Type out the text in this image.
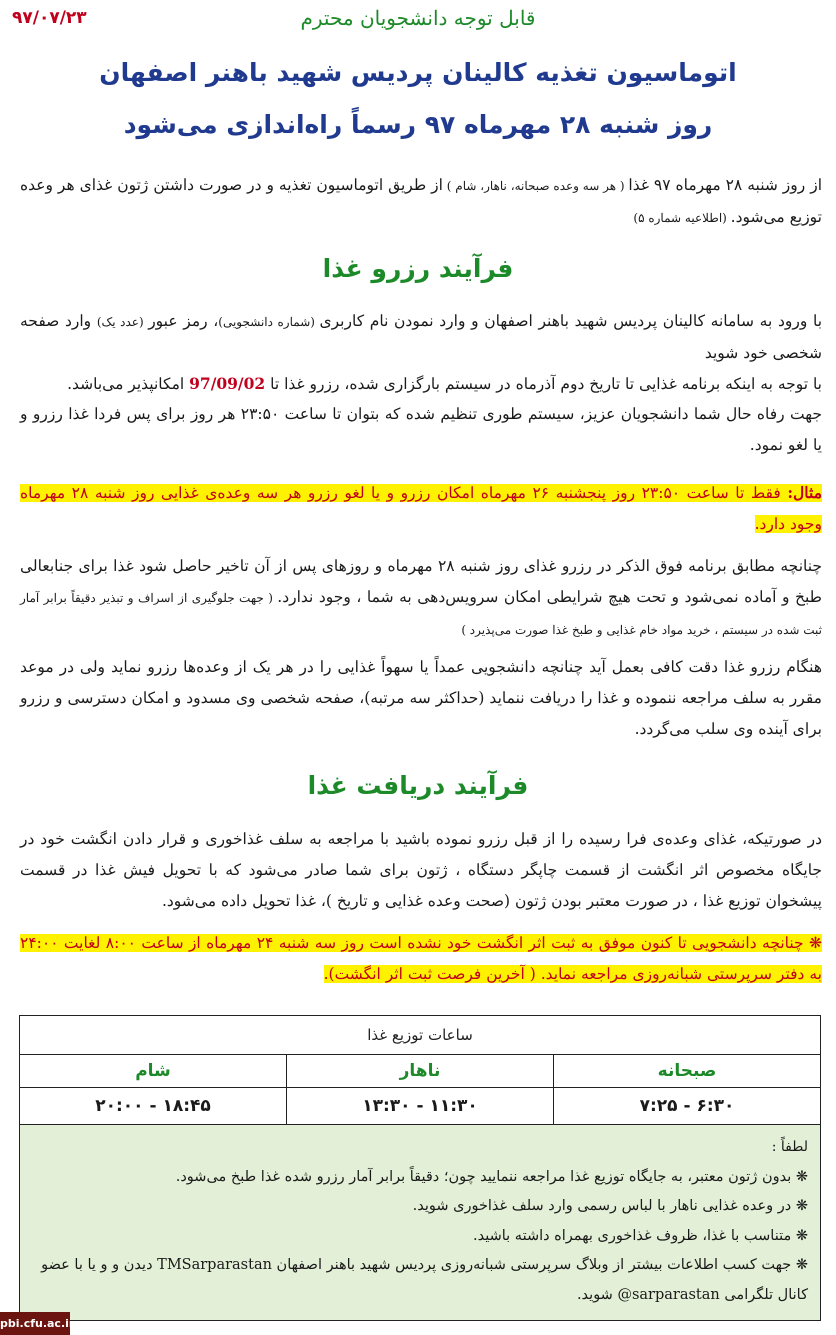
۹۷/۰۷/۲۳	قابل توجه دانشجویان محترم
اتوماسیون تغذیه کالینان پردیس شهید باهنر اصفهان
روز شنبه ۲۸ مهرماه ۹۷ رسماً راه‌اندازی می‌شود
از روز شنبه ۲۸ مهرماه ۹۷ غذا ( هر سه وعده صبحانه، ناهار، شام ) از طریق اتوماسیون تغذیه و در صورت داشتن ژتون غذای هر وعده توزیع می‌شود. (اطلاعیه شماره ۵)
فرآیند رزرو غذا
با ورود به سامانه کالینان پردیس شهید باهنر اصفهان و وارد نمودن نام کاربری (شماره دانشجویی)، رمز عبور (عدد یک) وارد صفحه شخصی خود شوید
با توجه به اینکه برنامه غذایی تا تاریخ دوم آذرماه در سیستم بارگزاری شده، رزرو غذا تا 97/09/02 امکانپذیر می‌باشد.
جهت رفاه حال شما دانشجویان عزیز، سیستم طوری تنظیم شده که بتوان تا ساعت ۲۳:۵۰ هر روز برای پس فردا غذا رزرو و یا لغو نمود.
مثال: فقط تا ساعت ۲۳:۵۰ روز پنجشنبه ۲۶ مهرماه امکان رزرو و یا لغو رزرو هر سه وعده‌ی غذایی روز شنبه ۲۸ مهرماه وجود دارد.
چنانچه مطابق برنامه فوق الذکر در رزرو غذای روز شنبه ۲۸ مهرماه و روزهای پس از آن تاخیر حاصل شود غذا برای جنابعالی طبخ و آماده نمی‌شود و تحت هیچ شرایطی امکان سرویس‌دهی به شما ، وجود ندارد. ( جهت جلوگیری از اسراف و تبذیر دقیقاً برابر آمار ثبت شده در سیستم ، خرید مواد خام غذایی و طبخ غذا صورت می‌پذیرد )
هنگام رزرو غذا دقت کافی بعمل آید چنانچه دانشجویی عمداً یا سهواً غذایی را در هر یک از وعده‌ها رزرو نماید ولی در موعد مقرر به سلف مراجعه ننموده و غذا را دریافت ننماید (حداکثر سه مرتبه)، صفحه شخصی وی مسدود و امکان دسترسی و رزرو برای آینده وی سلب می‌گردد.
فرآیند دریافت غذا
در صورتیکه، غذای وعده‌ی فرا رسیده را از قبل رزرو نموده باشید با مراجعه به سلف غذاخوری و قرار دادن انگشت خود در جایگاه مخصوص اثر انگشت از قسمت چاپگر دستگاه ، ژتون برای شما صادر می‌شود که با تحویل فیش غذا در قسمت پیشخوان توزیع غذا ، در صورت معتبر بودن ژتون (صحت وعده غذایی و تاریخ )، غذا تحویل داده می‌شود.
❋ چنانچه دانشجویی تا کنون موفق به ثبت اثر انگشت خود نشده است روز سه شنبه ۲۴ مهرماه از ساعت ۸:۰۰ لغایت ۲۴:۰۰ به دفتر سرپرستی شبانه‌روزی مراجعه نماید. ( آخرین فرصت ثبت اثر انگشت).
ساعات توزیع غذا
صبحانه
ناهار
شام
۶:۳۰ - ۷:۲۵
۱۱:۳۰ - ۱۳:۳۰
۱۸:۴۵ - ۲۰:۰۰
لطفاً :
❋ بدون ژتون معتبر، به جایگاه توزیع غذا مراجعه ننمایید چون؛ دقیقاً برابر آمار رزرو شده غذا طبخ می‌شود.
❋ در وعده غذایی ناهار با لباس رسمی وارد سلف غذاخوری شوید.
❋ متناسب با غذا، ظروف غذاخوری بهمراه داشته باشید.
❋ جهت کسب اطلاعات بیشتر از وبلاگ سرپرستی شبانه‌روزی پردیس شهید باهنر اصفهان TMSarparastan دیدن و و یا با عضو کانال تلگرامی sarparastan@ شوید.
pbi.cfu.ac.ir
